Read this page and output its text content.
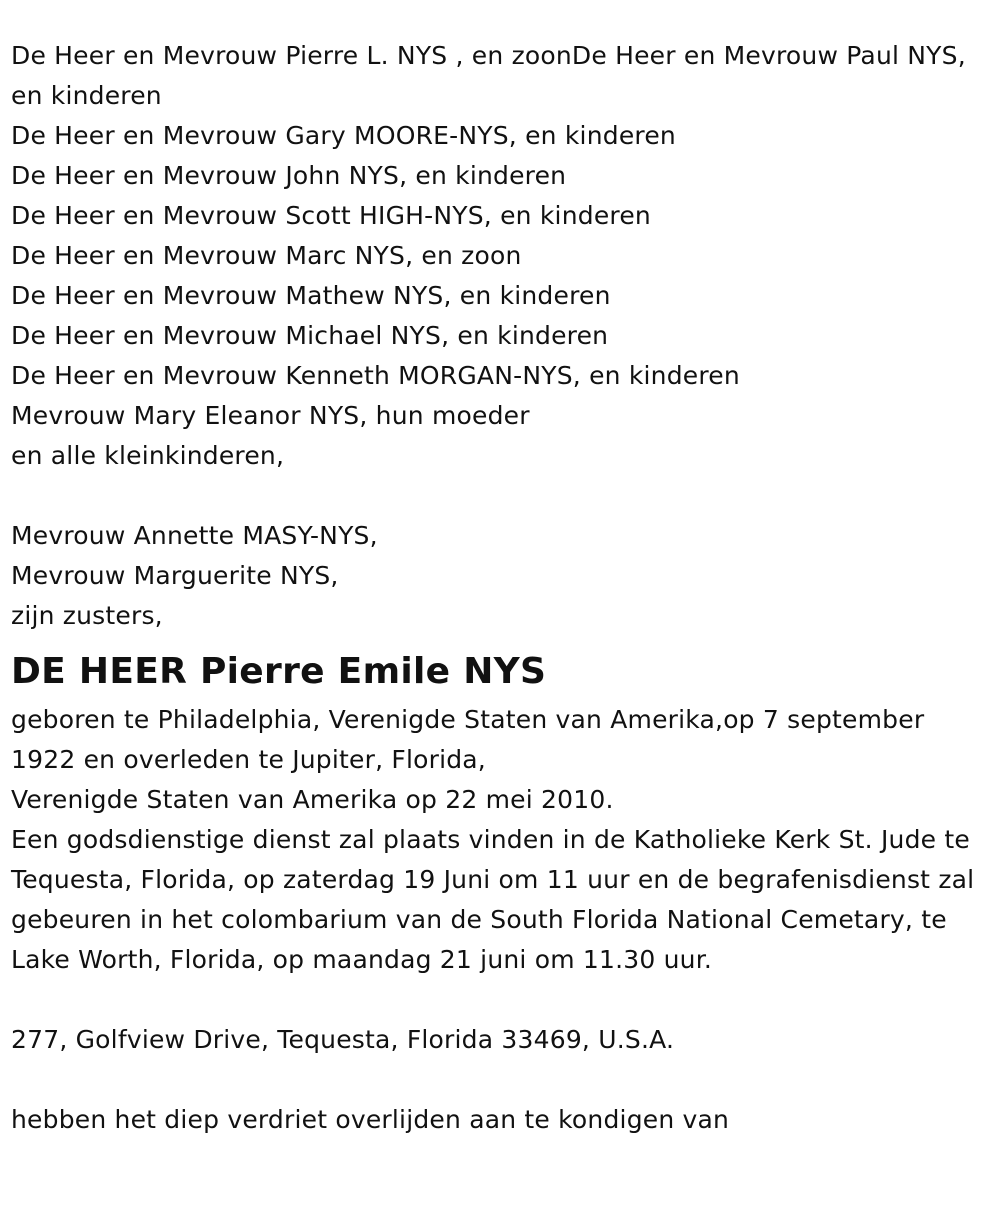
De Heer en Mevrouw Pierre L. NYS , en zoonDe Heer en Mevrouw Paul NYS, en kinderen
De Heer en Mevrouw Gary MOORE-NYS, en kinderen
De Heer en Mevrouw John NYS, en kinderen
De Heer en Mevrouw Scott HIGH-NYS, en kinderen
De Heer en Mevrouw Marc NYS, en zoon
De Heer en Mevrouw Mathew NYS, en kinderen
De Heer en Mevrouw Michael NYS, en kinderen
De Heer en Mevrouw Kenneth MORGAN-NYS, en kinderen
Mevrouw Mary Eleanor NYS, hun moeder
en alle kleinkinderen,
Mevrouw Annette MASY-NYS,
Mevrouw Marguerite NYS,
zijn zusters,
DE HEER Pierre Emile NYS
geboren te Philadelphia, Verenigde Staten van Amerika,op 7 september 1922 en overleden te Jupiter, Florida,
Verenigde Staten van Amerika op 22 mei 2010.
Een godsdienstige dienst zal plaats vinden in de Katholieke Kerk St. Jude te Tequesta, Florida, op zaterdag 19 Juni om 11 uur en de begrafenisdienst zal gebeuren in het colombarium van de South Florida National Cemetary, te Lake Worth, Florida, op maandag 21 juni om 11.30 uur.
277, Golfview Drive, Tequesta, Florida 33469, U.S.A.
hebben het diep verdriet overlijden aan te kondigen van
